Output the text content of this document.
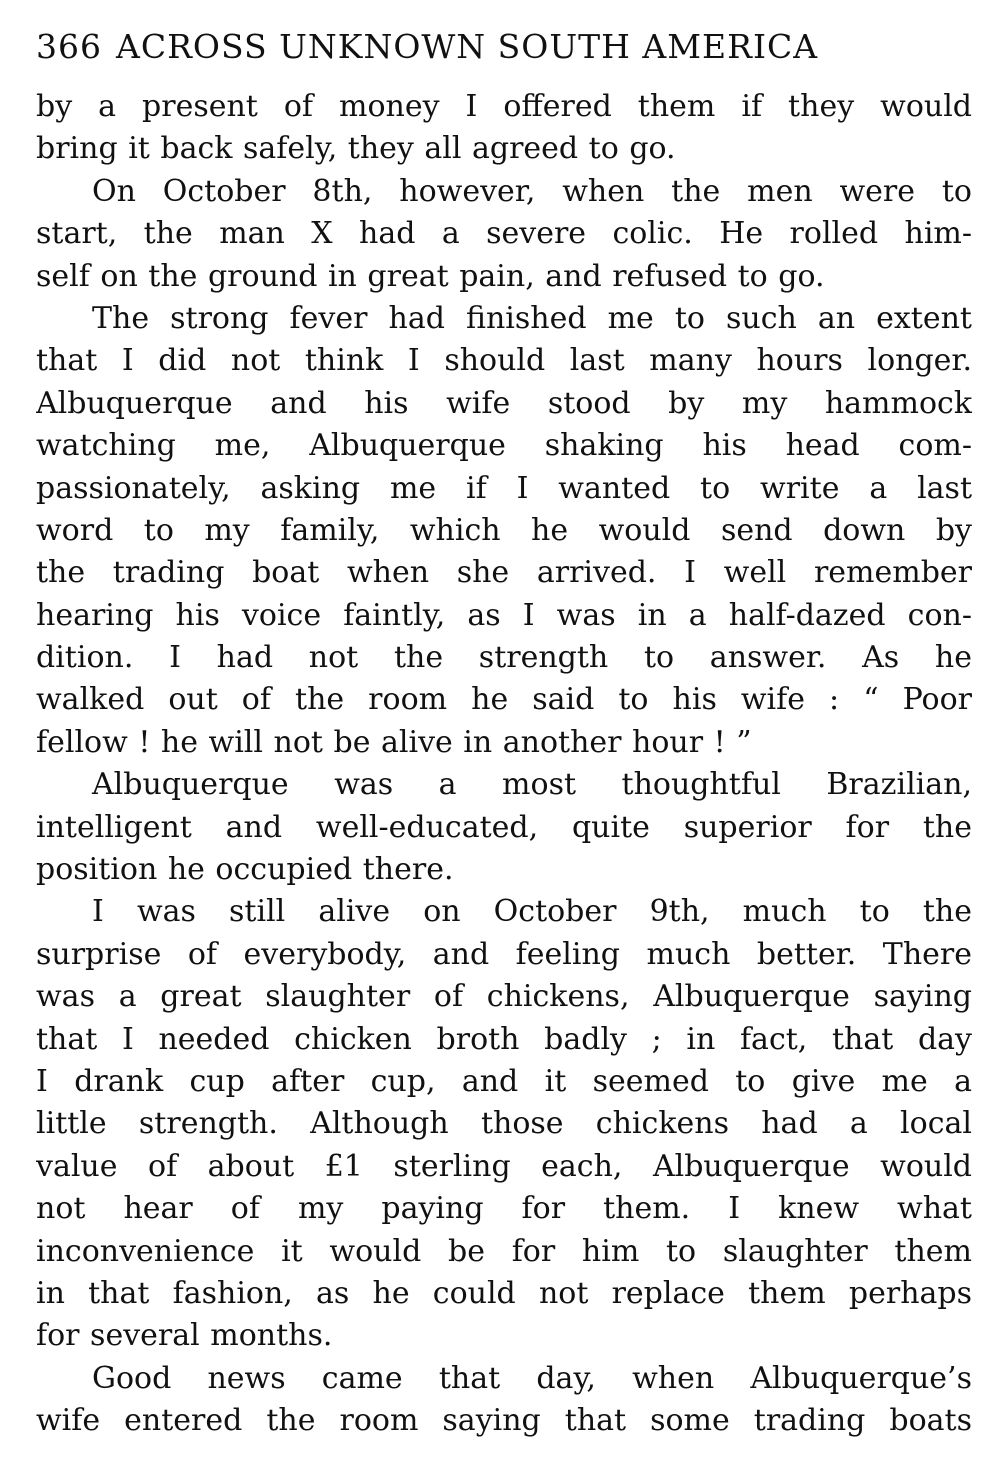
366 ACROSS UNKNOWN SOUTH AMERICA
by a present of money I offered them if they would
bring it back safely, they all agreed to go.
On October 8th, however, when the men were to
start, the man X had a severe colic. He rolled him-
self on the ground in great pain, and refused to go.
The strong fever had finished me to such an extent
that I did not think I should last many hours longer.
Albuquerque and his wife stood by my hammock
watching me, Albuquerque shaking his head com-
passionately, asking me if I wanted to write a last
word to my family, which he would send down by
the trading boat when she arrived. I well remember
hearing his voice faintly, as I was in a half-dazed con-
dition. I had not the strength to answer. As he
walked out of the room he said to his wife : “ Poor
fellow ! he will not be alive in another hour ! ”
Albuquerque was a most thoughtful Brazilian,
intelligent and well-educated, quite superior for the
position he occupied there.
I was still alive on October 9th, much to the
surprise of everybody, and feeling much better. There
was a great slaughter of chickens, Albuquerque saying
that I needed chicken broth badly ; in fact, that day
I drank cup after cup, and it seemed to give me a
little strength. Although those chickens had a local
value of about £1 sterling each, Albuquerque would
not hear of my paying for them. I knew what
inconvenience it would be for him to slaughter them
in that fashion, as he could not replace them perhaps
for several months.
Good news came that day, when Albuquerque’s
wife entered the room saying that some trading boats
